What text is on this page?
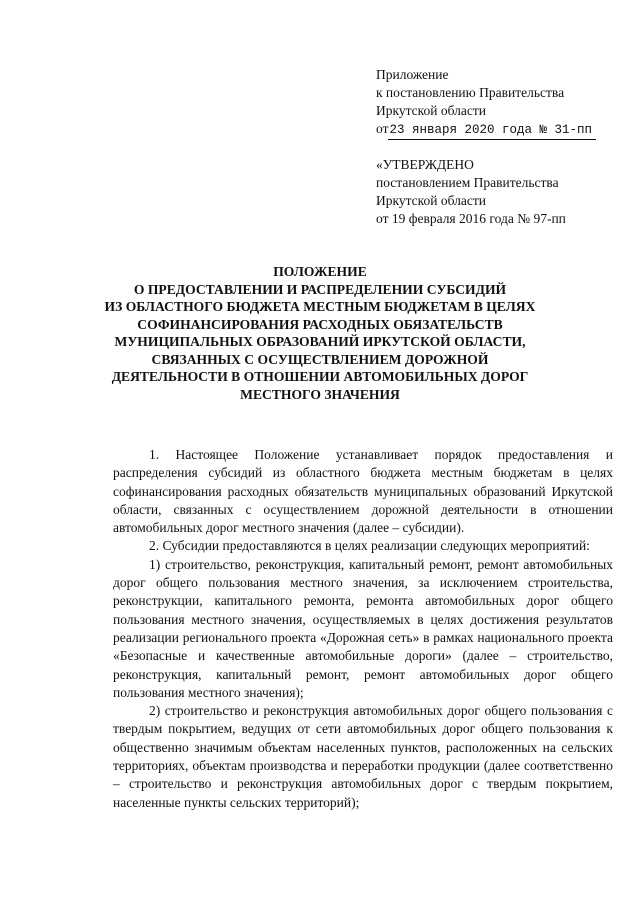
Приложение
к постановлению Правительства
Иркутской области
от 23 января 2020 года № 31-пп
«УТВЕРЖДЕНО
постановлением Правительства
Иркутской области
от 19 февраля 2016 года № 97-пп
ПОЛОЖЕНИЕ
О ПРЕДОСТАВЛЕНИИ И РАСПРЕДЕЛЕНИИ СУБСИДИЙ
ИЗ ОБЛАСТНОГО БЮДЖЕТА МЕСТНЫМ БЮДЖЕТАМ В ЦЕЛЯХ
СОФИНАНСИРОВАНИЯ РАСХОДНЫХ ОБЯЗАТЕЛЬСТВ
МУНИЦИПАЛЬНЫХ ОБРАЗОВАНИЙ ИРКУТСКОЙ ОБЛАСТИ,
СВЯЗАННЫХ С ОСУЩЕСТВЛЕНИЕМ ДОРОЖНОЙ
ДЕЯТЕЛЬНОСТИ В ОТНОШЕНИИ АВТОМОБИЛЬНЫХ ДОРОГ
МЕСТНОГО ЗНАЧЕНИЯ

1. Настоящее Положение устанавливает порядок предоставления и распределения субсидий из областного бюджета местным бюджетам в целях софинансирования расходных обязательств муниципальных образований Иркутской области, связанных с осуществлением дорожной деятельности в отношении автомобильных дорог местного значения (далее – субсидии).

2. Субсидии предоставляются в целях реализации следующих мероприятий:

1) строительство, реконструкция, капитальный ремонт, ремонт автомобильных дорог общего пользования местного значения, за исключением строительства, реконструкции, капитального ремонта, ремонта автомобильных дорог общего пользования местного значения, осуществляемых в целях достижения результатов реализации регионального проекта «Дорожная сеть» в рамках национального проекта «Безопасные и качественные автомобильные дороги» (далее – строительство, реконструкция, капитальный ремонт, ремонт автомобильных дорог общего пользования местного значения);

2) строительство и реконструкция автомобильных дорог общего пользования с твердым покрытием, ведущих от сети автомобильных дорог общего пользования к общественно значимым объектам населенных пунктов, расположенных на сельских территориях, объектам производства и переработки продукции (далее соответственно – строительство и реконструкция автомобильных дорог с твердым покрытием, населенные пункты сельских территорий);
